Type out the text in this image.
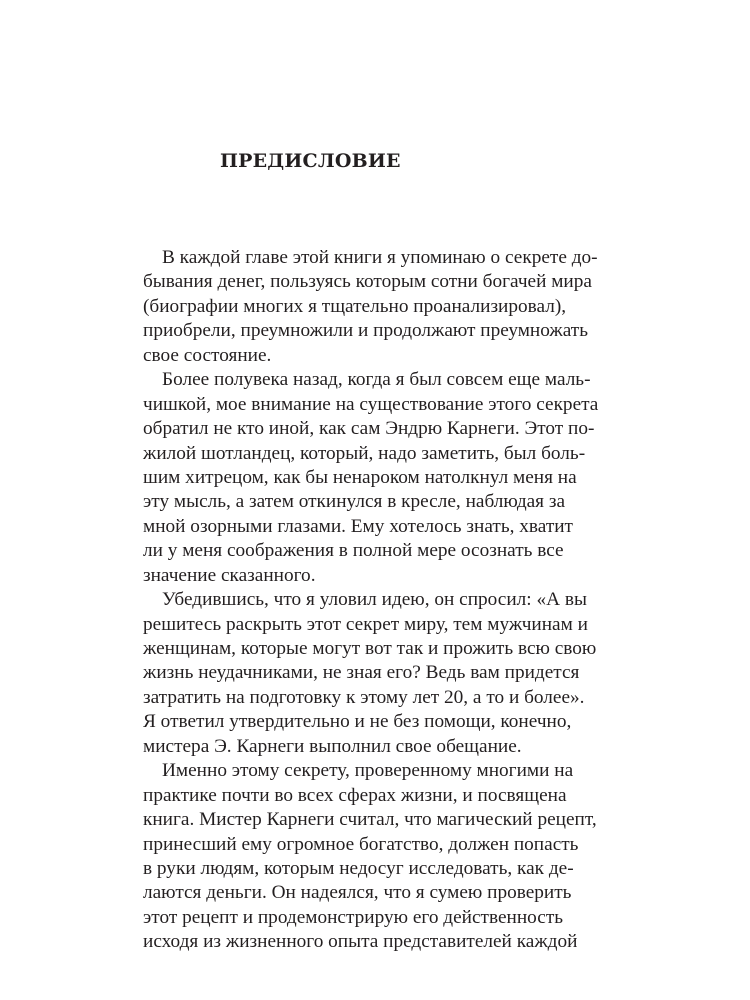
ПРЕДИСЛОВИЕ
В каждой главе этой книги я упоминаю о секрете до-
бывания денег, пользуясь которым сотни богачей мира
(биографии многих я тщательно проанализировал),
приобрели, преумножили и продолжают преумножать
свое состояние.
Более полувека назад, когда я был совсем еще маль-
чишкой, мое внимание на существование этого секрета
обратил не кто иной, как сам Эндрю Карнеги. Этот по-
жилой шотландец, который, надо заметить, был боль-
шим хитрецом, как бы ненароком натолкнул меня на
эту мысль, а затем откинулся в кресле, наблюдая за
мной озорными глазами. Ему хотелось знать, хватит
ли у меня соображения в полной мере осознать все
значение сказанного.
Убедившись, что я уловил идею, он спросил: «А вы
решитесь раскрыть этот секрет миру, тем мужчинам и
женщинам, которые могут вот так и прожить всю свою
жизнь неудачниками, не зная его? Ведь вам придется
затратить на подготовку к этому лет 20, а то и более».
Я ответил утвердительно и не без помощи, конечно,
мистера Э. Карнеги выполнил свое обещание.
Именно этому секрету, проверенному многими на
практике почти во всех сферах жизни, и посвящена
книга. Мистер Карнеги считал, что магический рецепт,
принесший ему огромное богатство, должен попасть
в руки людям, которым недосуг исследовать, как де-
лаются деньги. Он надеялся, что я сумею проверить
этот рецепт и продемонстрирую его действенность
исходя из жизненного опыта представителей каждой
